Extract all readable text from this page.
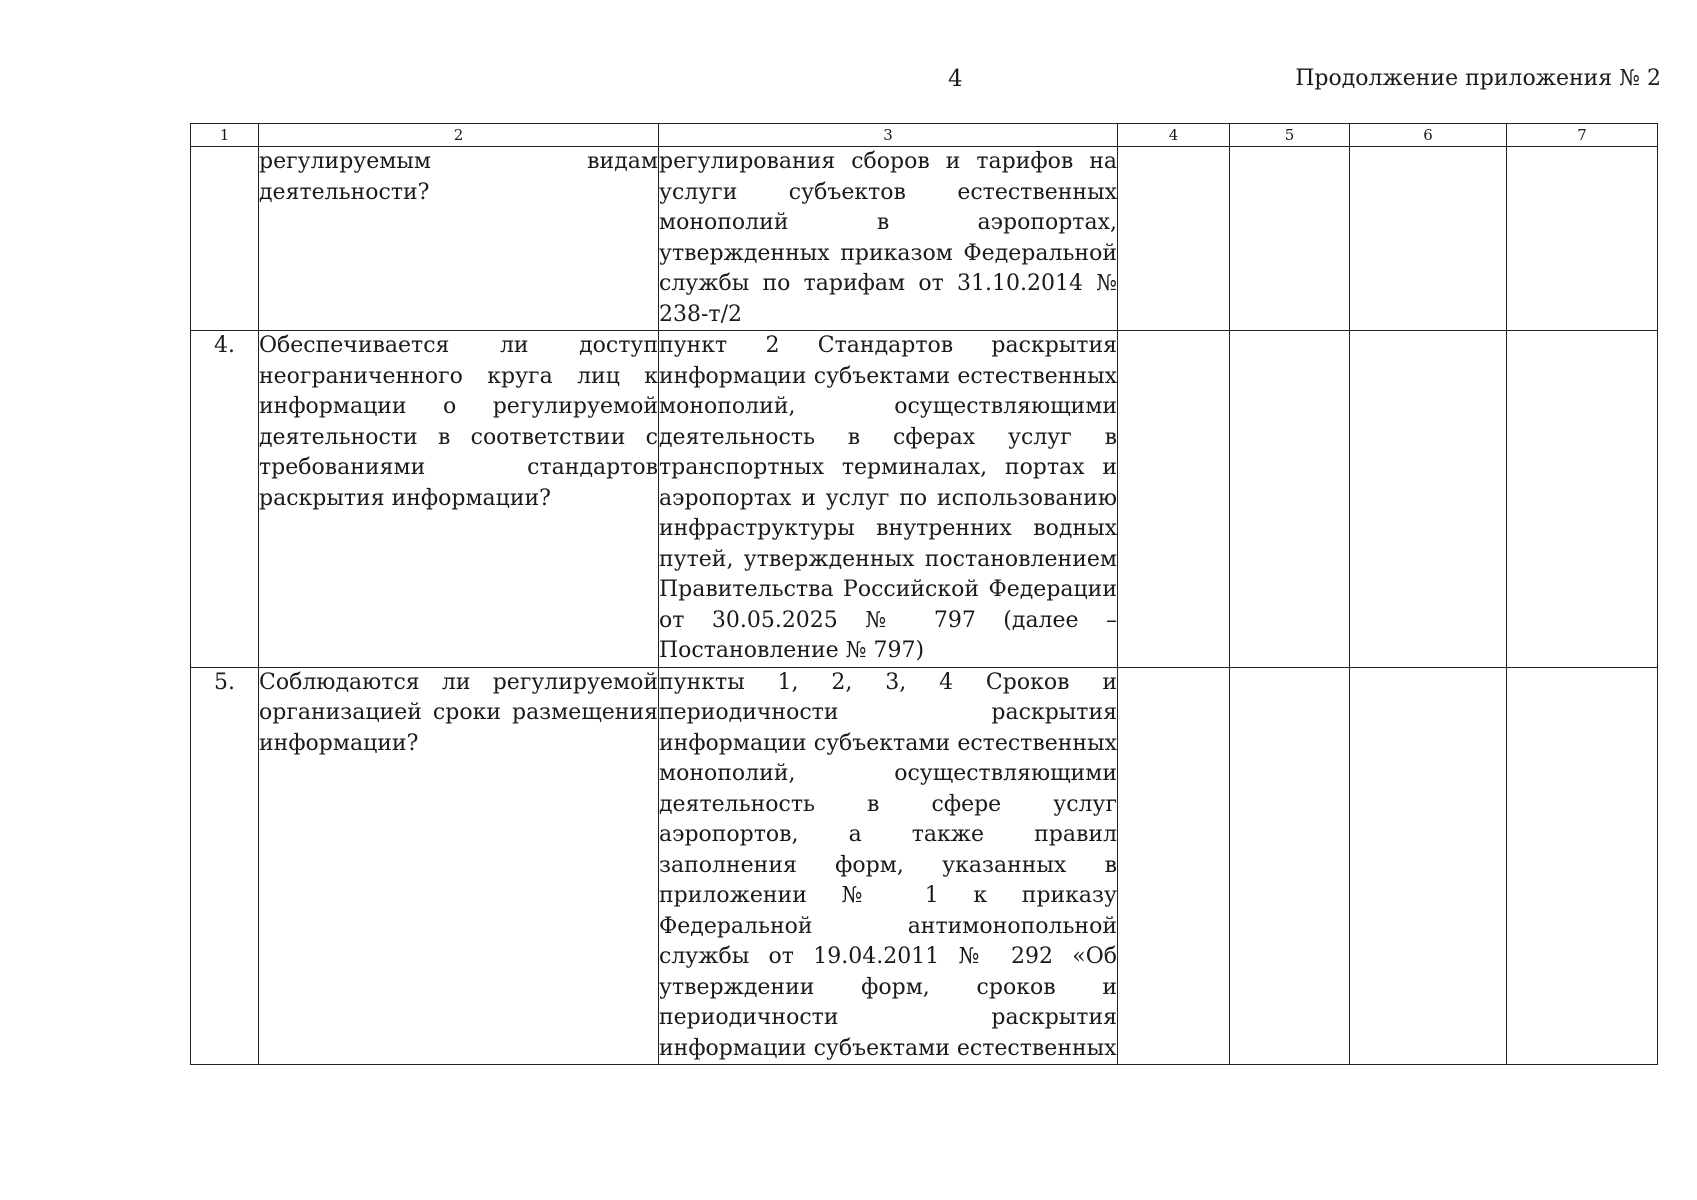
4	Продолжение приложения № 2
1	2	3	4	5	6	7
	регулируемым видам деятельности?	регулирования сборов и тарифов на услуги субъектов естественных монополий в аэропортах, утвержденных приказом Федеральной службы по тарифам от 31.10.2014 № 238-т/2				
4.	Обеспечивается ли доступ неограниченного круга лиц к информации о регулируемой деятельности в соответствии с требованиями стандартов раскрытия информации?	пункт 2 Стандартов раскрытия информации субъектами естественных монополий, осуществляющими деятельность в сферах услуг в транспортных терминалах, портах и аэропортах и услуг по использованию инфраструктуры внутренних водных путей, утвержденных постановлением Правительства Российской Федерации от 30.05.2025 № 797 (далее – Постановление № 797)				
5.	Соблюдаются ли регулируемой организацией сроки размещения информации?	пункты 1, 2, 3, 4 Сроков и периодичности раскрытия информации субъектами естественных монополий, осуществляющими деятельность в сфере услуг аэропортов, а также правил заполнения форм, указанных в приложении № 1 к приказу Федеральной антимонопольной службы от 19.04.2011 № 292 «Об утверждении форм, сроков и периодичности раскрытия информации субъектами естественных				
